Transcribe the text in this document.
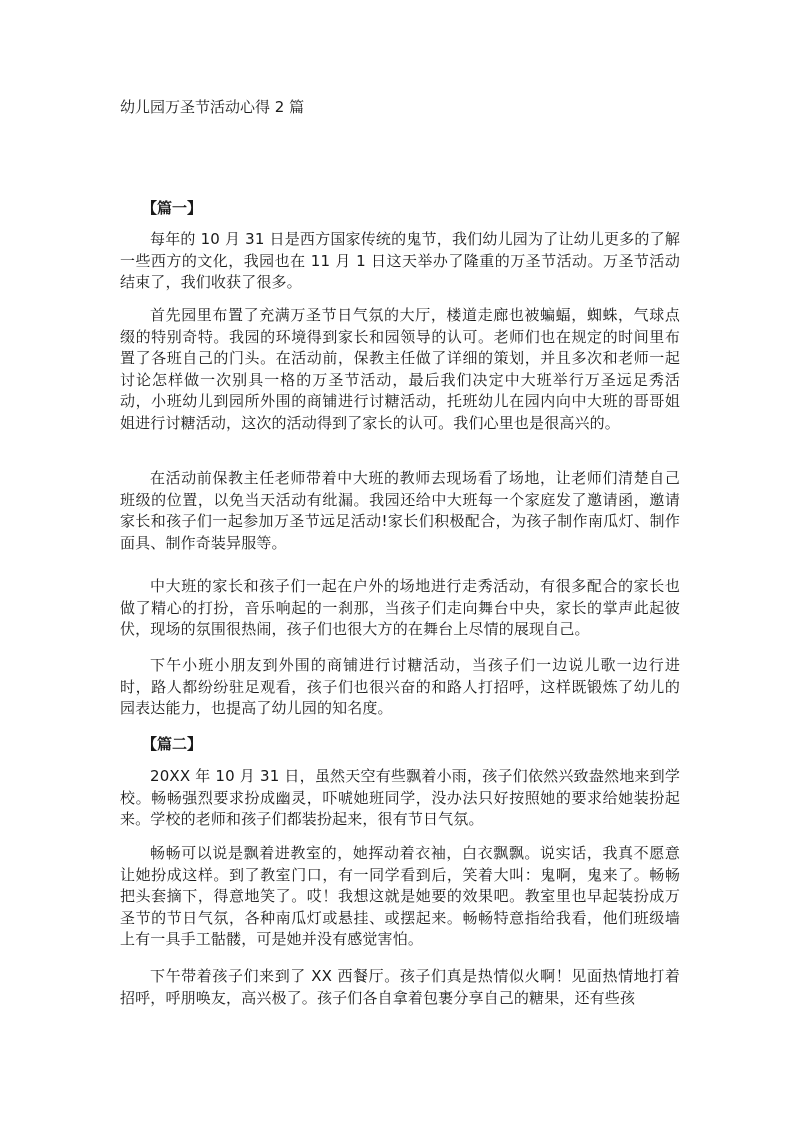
幼儿园万圣节活动心得 2 篇
【篇一】

每年的 10 月 31 日是西方国家传统的鬼节，我们幼儿园为了让幼儿更多的了解一些西方的文化，我园也在 11 月 1 日这天举办了隆重的万圣节活动。万圣节活动结束了，我们收获了很多。

首先园里布置了充满万圣节日气氛的大厅，楼道走廊也被蝙蝠，蜘蛛，气球点缀的特别奇特。我园的环境得到家长和园领导的认可。老师们也在规定的时间里布置了各班自己的门头。在活动前，保教主任做了详细的策划，并且多次和老师一起讨论怎样做一次别具一格的万圣节活动，最后我们决定中大班举行万圣远足秀活动，小班幼儿到园所外围的商铺进行讨糖活动，托班幼儿在园内向中大班的哥哥姐姐进行讨糖活动，这次的活动得到了家长的认可。我们心里也是很高兴的。

在活动前保教主任老师带着中大班的教师去现场看了场地，让老师们清楚自己班级的位置，以免当天活动有纰漏。我园还给中大班每一个家庭发了邀请函，邀请家长和孩子们一起参加万圣节远足活动!家长们积极配合，为孩子制作南瓜灯、制作面具、制作奇装异服等。

中大班的家长和孩子们一起在户外的场地进行走秀活动，有很多配合的家长也做了精心的打扮，音乐响起的一刹那，当孩子们走向舞台中央，家长的掌声此起彼伏，现场的氛围很热闹，孩子们也很大方的在舞台上尽情的展现自己。

下午小班小朋友到外围的商铺进行讨糖活动，当孩子们一边说儿歌一边行进时，路人都纷纷驻足观看，孩子们也很兴奋的和路人打招呼，这样既锻炼了幼儿的园表达能力，也提高了幼儿园的知名度。

【篇二】

20XX 年 10 月 31 日，虽然天空有些飘着小雨，孩子们依然兴致盎然地来到学校。畅畅强烈要求扮成幽灵，吓唬她班同学，没办法只好按照她的要求给她装扮起来。学校的老师和孩子们都装扮起来，很有节日气氛。

畅畅可以说是飘着进教室的，她挥动着衣袖，白衣飘飘。说实话，我真不愿意让她扮成这样。到了教室门口，有一同学看到后，笑着大叫：鬼啊，鬼来了。畅畅把头套摘下，得意地笑了。哎！我想这就是她要的效果吧。教室里也早起装扮成万圣节的节日气氛，各种南瓜灯或悬挂、或摆起来。畅畅特意指给我看，他们班级墙上有一具手工骷髅，可是她并没有感觉害怕。

下午带着孩子们来到了 XX 西餐厅。孩子们真是热情似火啊！见面热情地打着招呼，呼朋唤友，高兴极了。孩子们各自拿着包裹分享自己的糖果，还有些孩
